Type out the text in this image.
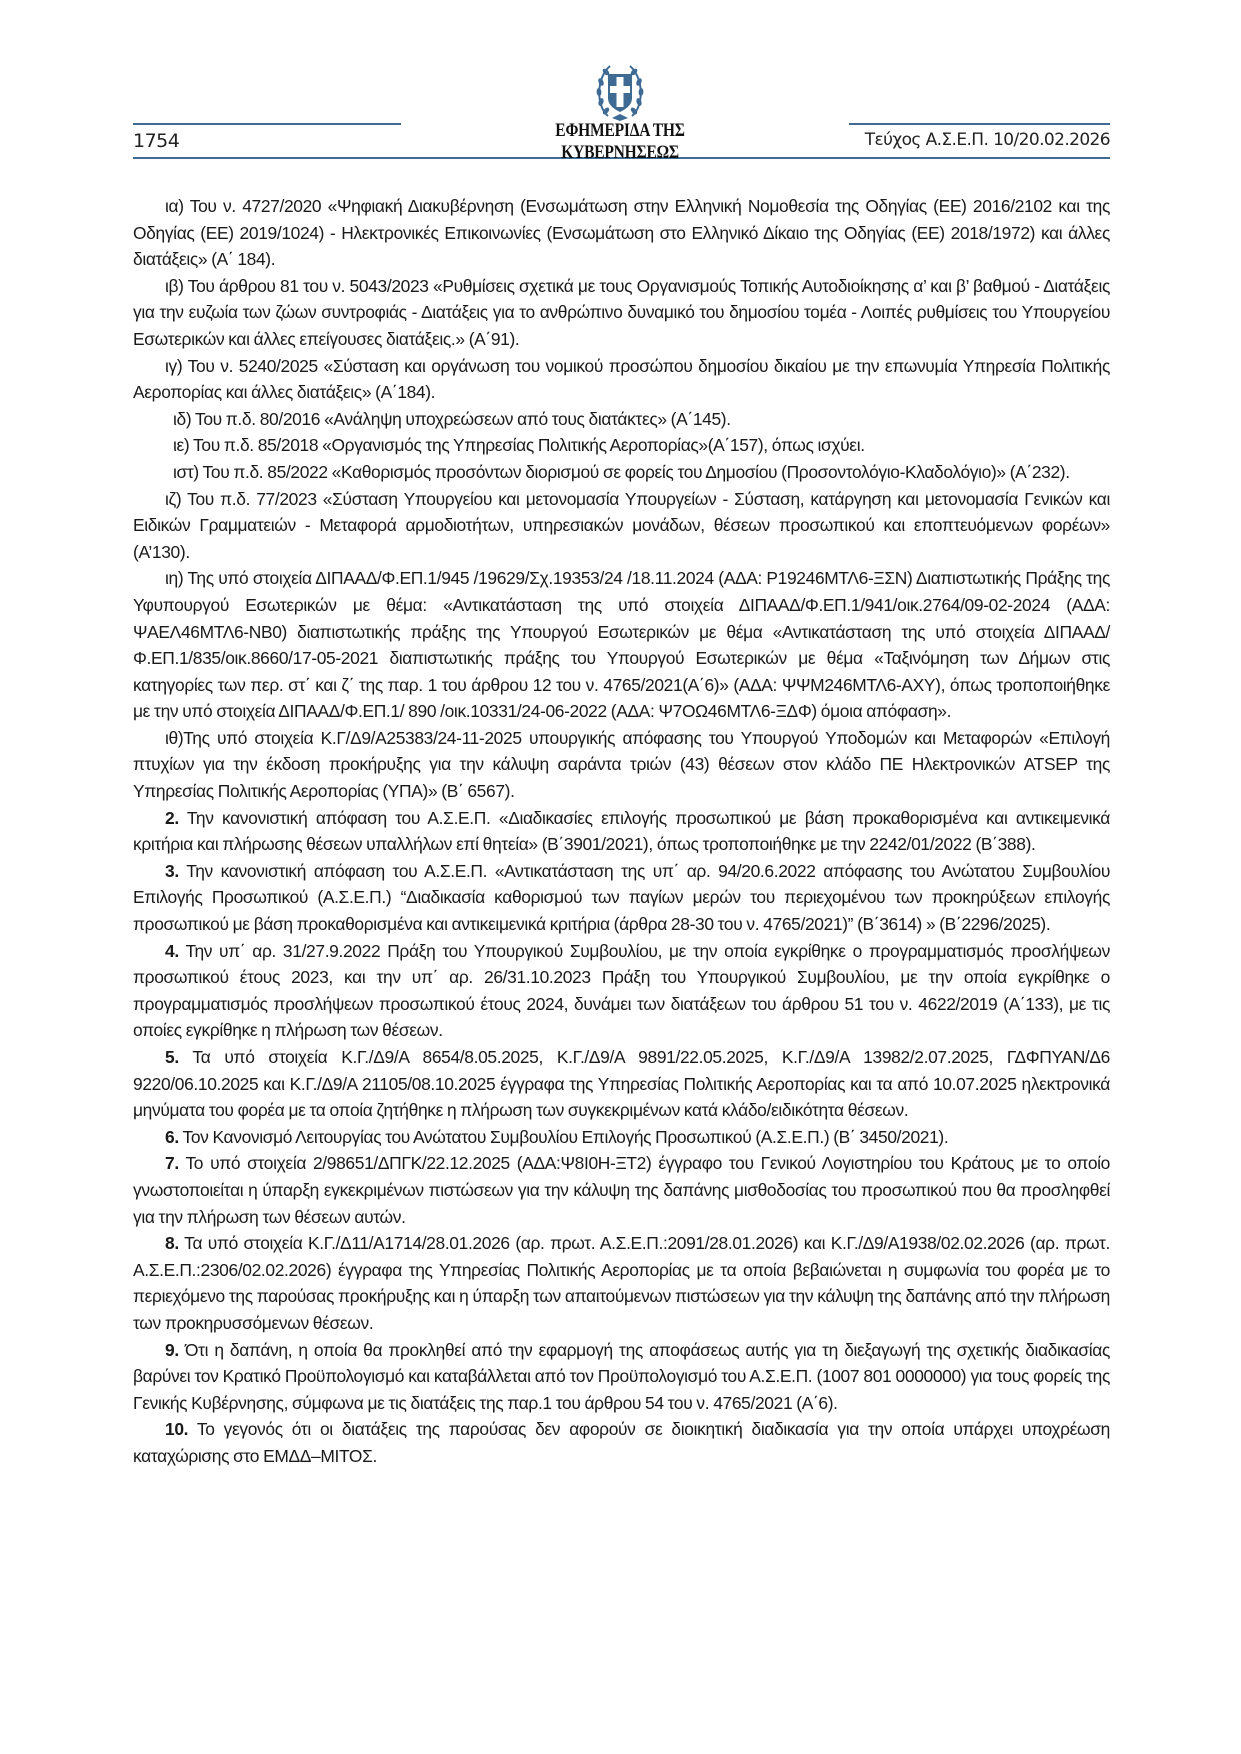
1754	ΕΦΗΜΕΡΙΔΑ ΤΗΣ ΚΥΒΕΡΝΗΣΕΩΣ
Τεύχος Α.Σ.Ε.Π. 10/20.02.2026

ια) Του ν. 4727/2020 «Ψηφιακή Διακυβέρνηση (Ενσωμάτωση στην Ελληνική Νομοθεσία της Οδηγίας (ΕΕ) 2016/2102 και της Οδηγίας (ΕΕ) 2019/1024) - Ηλεκτρονικές Επικοινωνίες (Ενσωμάτωση στο Ελληνικό Δίκαιο της Οδηγίας (ΕΕ) 2018/1972) και άλλες διατάξεις» (Α΄ 184).

ιβ) Του άρθρου 81 του ν. 5043/2023 «Ρυθμίσεις σχετικά με τους Οργανισμούς Τοπικής Αυτοδιοίκησης α’ και β’ βαθμού - Διατάξεις για την ευζωία των ζώων συντροφιάς - Διατάξεις για το ανθρώπινο δυναμικό του δημοσίου τομέα - Λοιπές ρυθμίσεις του Υπουργείου Εσωτερικών και άλλες επείγουσες διατάξεις.» (Α΄91).

ιγ) Του ν. 5240/2025 «Σύσταση και οργάνωση του νομικού προσώπου δημοσίου δικαίου με την επωνυμία Υπηρεσία Πολιτικής Αεροπορίας και άλλες διατάξεις» (Α΄184).

ιδ) Του π.δ. 80/2016 «Ανάληψη υποχρεώσεων από τους διατάκτες» (Α΄145).

ιε) Του π.δ. 85/2018 «Οργανισμός της Υπηρεσίας Πολιτικής Αεροπορίας»(Α΄157), όπως ισχύει.

ιστ) Του π.δ. 85/2022 «Καθορισμός προσόντων διορισμού σε φορείς του Δημοσίου (Προσοντολόγιο-Κλαδολόγιο)» (Α΄232).

ιζ) Του π.δ. 77/2023 «Σύσταση Υπουργείου και μετονομασία Υπουργείων - Σύσταση, κατάργηση και μετονομασία Γενικών και Ειδικών Γραμματειών - Μεταφορά αρμοδιοτήτων, υπηρεσιακών μονάδων, θέσεων προσωπικού και εποπτευόμενων φορέων» (Α’130).

ιη) Της υπό στοιχεία ΔΙΠΑΑΔ/Φ.ΕΠ.1/945 /19629/Σχ.19353/24 /18.11.2024 (ΑΔΑ: Ρ19246ΜΤΛ6-ΞΣΝ) Διαπιστωτικής Πράξης της Υφυπουργού Εσωτερικών με θέμα: «Αντικατάσταση της υπό στοιχεία ΔΙΠΑΑΔ/Φ.ΕΠ.1/941/οικ.2764/09-02-2024 (ΑΔΑ: ΨΑΕΛ46ΜΤΛ6-ΝΒ0) διαπιστωτικής πράξης της Υπουργού Εσωτερικών με θέμα «Αντικατάσταση της υπό στοιχεία ΔΙΠΑΑΔ/Φ.ΕΠ.1/835/οικ.8660/17-05-2021 διαπιστωτικής πράξης του Υπουργού Εσωτερικών με θέμα «Ταξινόμηση των Δήμων στις κατηγορίες των περ. στ΄ και ζ΄ της παρ. 1 του άρθρου 12 του ν. 4765/2021(Α΄6)» (ΑΔΑ: ΨΨΜ246ΜΤΛ6-ΑΧΥ), όπως τροποποιήθηκε με την υπό στοιχεία ΔΙΠΑΑΔ/Φ.ΕΠ.1/ 890 /οικ.10331/24-06-2022 (ΑΔΑ: Ψ7ΟΩ46ΜΤΛ6-ΞΔΦ) όμοια απόφαση».

ιθ)Της υπό στοιχεία Κ.Γ/Δ9/Α25383/24-11-2025 υπουργικής απόφασης του Υπουργού Υποδομών και Μεταφορών «Επιλογή πτυχίων για την έκδοση προκήρυξης για την κάλυψη σαράντα τριών (43) θέσεων στον κλάδο ΠΕ Ηλεκτρονικών ATSEP της Υπηρεσίας Πολιτικής Αεροπορίας (ΥΠΑ)» (Β΄ 6567).

2. Την κανονιστική απόφαση του Α.Σ.Ε.Π. «Διαδικασίες επιλογής προσωπικού με βάση προκαθορισμένα και αντικειμενικά κριτήρια και πλήρωσης θέσεων υπαλλήλων επί θητεία» (Β΄3901/2021), όπως τροποποιήθηκε με την 2242/01/2022 (Β΄388).

3. Την κανονιστική απόφαση του Α.Σ.Ε.Π. «Αντικατάσταση της υπ΄ αρ. 94/20.6.2022 απόφασης του Ανώτατου Συμβουλίου Επιλογής Προσωπικού (Α.Σ.Ε.Π.) “Διαδικασία καθορισμού των παγίων μερών του περιεχομένου των προκηρύξεων επιλογής προσωπικού με βάση προκαθορισμένα και αντικειμενικά κριτήρια (άρθρα 28-30 του ν. 4765/2021)” (Β΄3614) » (Β΄2296/2025).

4. Την υπ΄ αρ. 31/27.9.2022 Πράξη του Υπουργικού Συμβουλίου, με την οποία εγκρίθηκε ο προγραμματισμός προσλήψεων προσωπικού έτους 2023, και την υπ΄ αρ. 26/31.10.2023 Πράξη του Υπουργικού Συμβουλίου, με την οποία εγκρίθηκε ο προγραμματισμός προσλήψεων προσωπικού έτους 2024, δυνάμει των διατάξεων του άρθρου 51 του ν. 4622/2019 (Α΄133), με τις οποίες εγκρίθηκε η πλήρωση των θέσεων.

5. Τα υπό στοιχεία Κ.Γ./Δ9/Α 8654/8.05.2025, Κ.Γ./Δ9/Α 9891/22.05.2025, Κ.Γ./Δ9/Α 13982/2.07.2025, ΓΔΦΠΥΑΝ/Δ6 9220/06.10.2025 και Κ.Γ./Δ9/Α 21105/08.10.2025 έγγραφα της Υπηρεσίας Πολιτικής Αεροπορίας και τα από 10.07.2025 ηλεκτρονικά μηνύματα του φορέα με τα οποία ζητήθηκε η πλήρωση των συγκεκριμένων κατά κλάδο/ειδικότητα θέσεων.

6. Τον Κανονισμό Λειτουργίας του Ανώτατου Συμβουλίου Επιλογής Προσωπικού (Α.Σ.Ε.Π.) (Β΄ 3450/2021).

7. Το υπό στοιχεία 2/98651/ΔΠΓΚ/22.12.2025 (ΑΔΑ:Ψ8Ι0Η-ΞΤ2) έγγραφο του Γενικού Λογιστηρίου του Κράτους με το οποίο γνωστοποιείται η ύπαρξη εγκεκριμένων πιστώσεων για την κάλυψη της δαπάνης μισθοδοσίας του προσωπικού που θα προσληφθεί για την πλήρωση των θέσεων αυτών.

8. Τα υπό στοιχεία Κ.Γ./Δ11/Α1714/28.01.2026 (αρ. πρωτ. Α.Σ.Ε.Π.:2091/28.01.2026) και Κ.Γ./Δ9/Α1938/02.02.2026 (αρ. πρωτ. Α.Σ.Ε.Π.:2306/02.02.2026) έγγραφα της Υπηρεσίας Πολιτικής Αεροπορίας με τα οποία βεβαιώνεται η συμφωνία του φορέα με το περιεχόμενο της παρούσας προκήρυξης και η ύπαρξη των απαιτούμενων πιστώσεων για την κάλυψη της δαπάνης από την πλήρωση των προκηρυσσόμενων θέσεων.

9. Ότι η δαπάνη, η οποία θα προκληθεί από την εφαρμογή της αποφάσεως αυτής για τη διεξαγωγή της σχετικής διαδικασίας βαρύνει τον Κρατικό Προϋπολογισμό και καταβάλλεται από τον Προϋπολογισμό του Α.Σ.Ε.Π. (1007 801 0000000) για τους φορείς της Γενικής Κυβέρνησης, σύμφωνα με τις διατάξεις της παρ.1 του άρθρου 54 του ν. 4765/2021 (Α΄6).

10. Το γεγονός ότι οι διατάξεις της παρούσας δεν αφορούν σε διοικητική διαδικασία για την οποία υπάρχει υποχρέωση καταχώρισης στο ΕΜΔΔ–ΜΙΤΟΣ.
